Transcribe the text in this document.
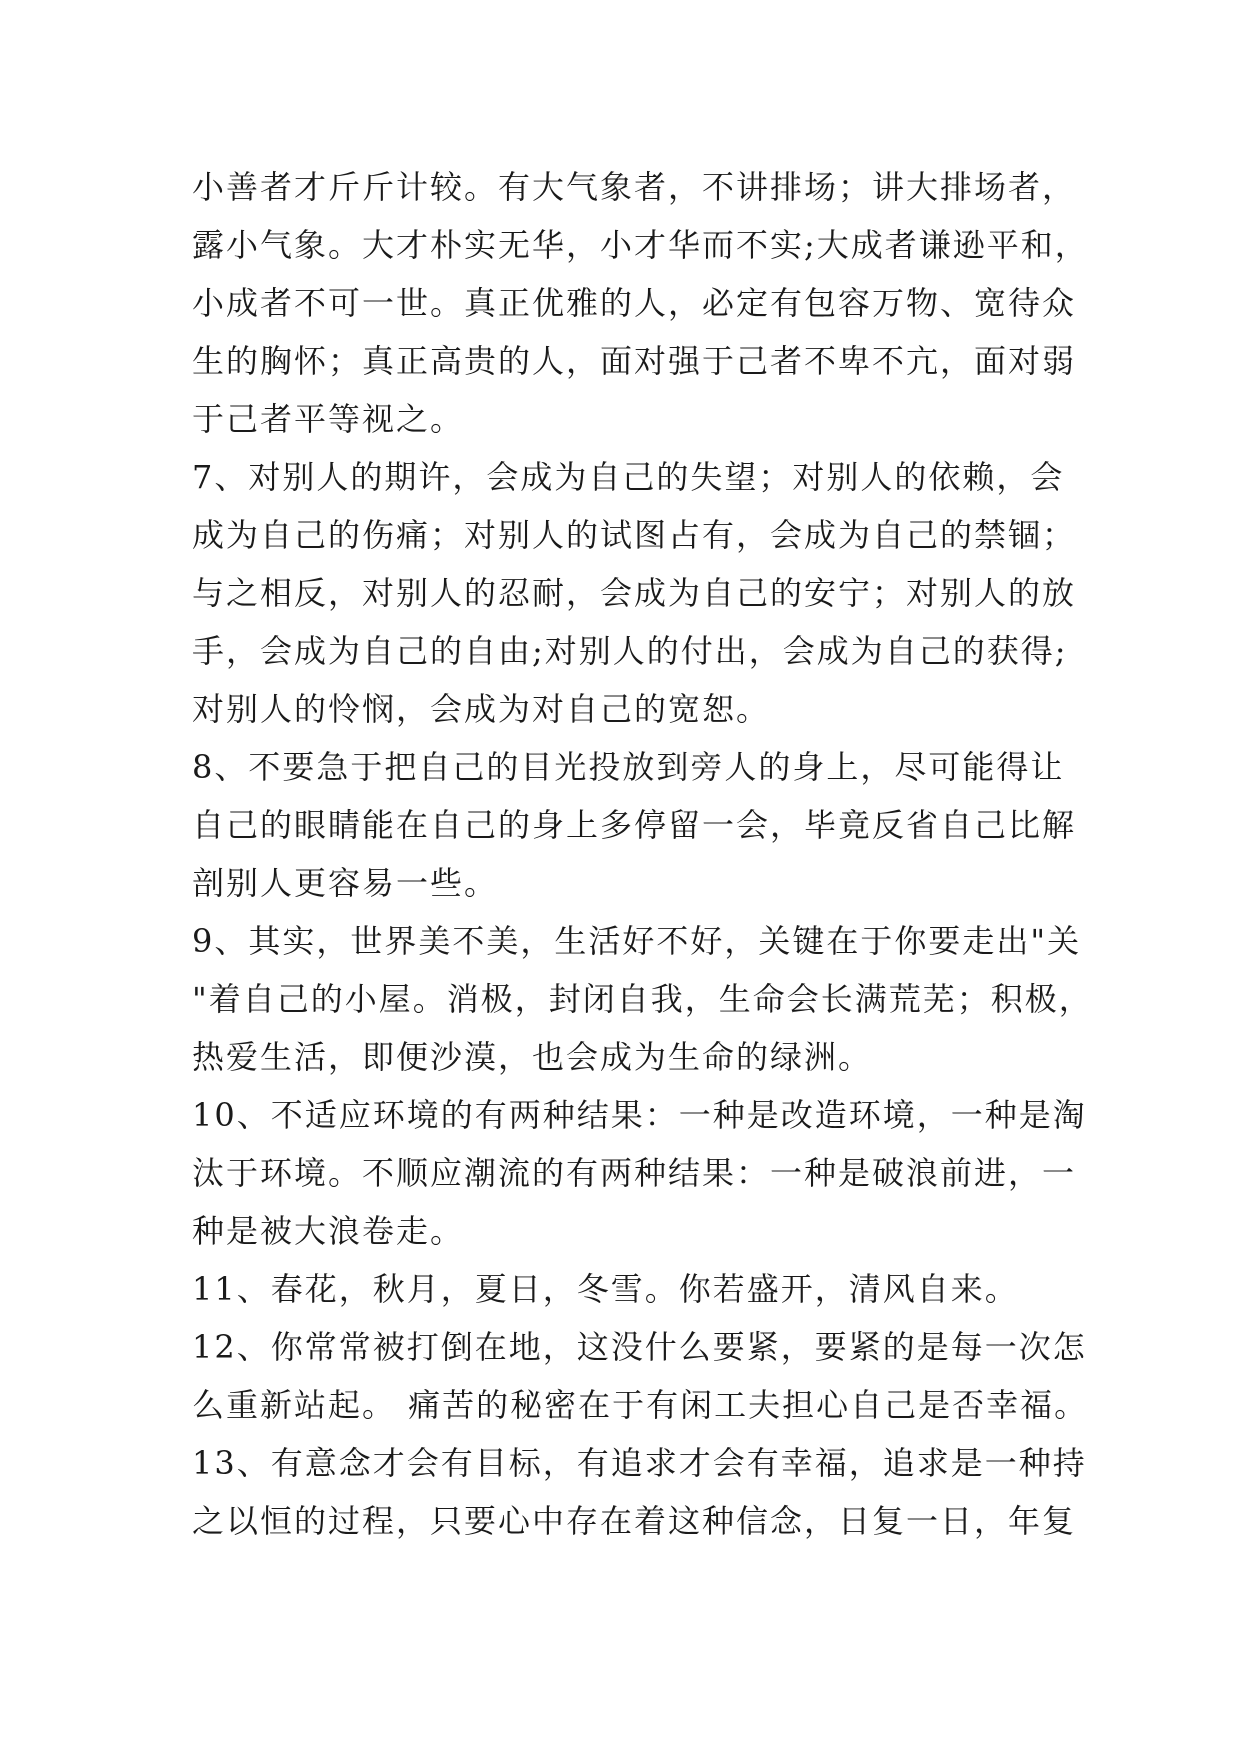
小善者才斤斤计较。有大气象者，不讲排场；讲大排场者，
露小气象。大才朴实无华，小才华而不实;大成者谦逊平和，
小成者不可一世。真正优雅的人，必定有包容万物、宽待众
生的胸怀；真正高贵的人，面对强于己者不卑不亢，面对弱
于己者平等视之。
7、对别人的期许，会成为自己的失望；对别人的依赖，会
成为自己的伤痛；对别人的试图占有，会成为自己的禁锢；
与之相反，对别人的忍耐，会成为自己的安宁；对别人的放
手，会成为自己的自由;对别人的付出，会成为自己的获得;
对别人的怜悯，会成为对自己的宽恕。
8、不要急于把自己的目光投放到旁人的身上，尽可能得让
自己的眼睛能在自己的身上多停留一会，毕竟反省自己比解
剖别人更容易一些。
9、其实，世界美不美，生活好不好，关键在于你要走出"关
"着自己的小屋。消极，封闭自我，生命会长满荒芜；积极，
热爱生活，即便沙漠，也会成为生命的绿洲。
10、不适应环境的有两种结果：一种是改造环境，一种是淘
汰于环境。不顺应潮流的有两种结果：一种是破浪前进，一
种是被大浪卷走。
11、春花，秋月，夏日，冬雪。你若盛开，清风自来。
12、你常常被打倒在地，这没什么要紧，要紧的是每一次怎
么重新站起。 痛苦的秘密在于有闲工夫担心自己是否幸福。
13、有意念才会有目标，有追求才会有幸福，追求是一种持
之以恒的过程，只要心中存在着这种信念，日复一日，年复
